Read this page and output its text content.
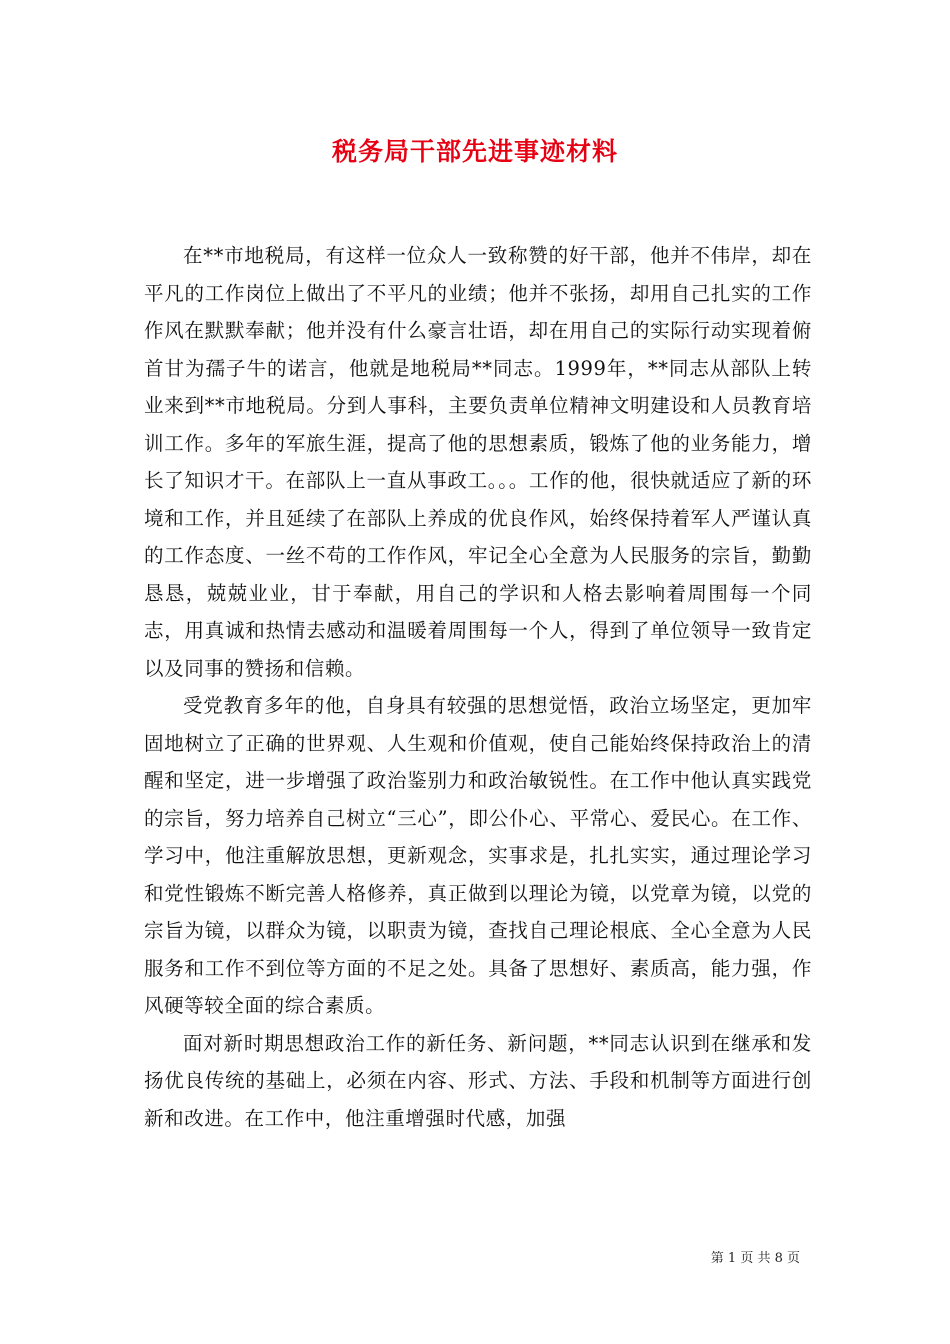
税务局干部先进事迹材料

在**市地税局，有这样一位众人一致称赞的好干部，他并不伟岸，却在平凡的工作岗位上做出了不平凡的业绩；他并不张扬，却用自己扎实的工作作风在默默奉献；他并没有什么豪言壮语，却在用自己的实际行动实现着俯首甘为孺子牛的诺言，他就是地税局**同志。1999年，**同志从部队上转业来到**市地税局。分到人事科，主要负责单位精神文明建设和人员教育培训工作。多年的军旅生涯，提高了他的思想素质，锻炼了他的业务能力，增长了知识才干。在部队上一直从事政工。。。工作的他，很快就适应了新的环境和工作，并且延续了在部队上养成的优良作风，始终保持着军人严谨认真的工作态度、一丝不苟的工作作风，牢记全心全意为人民服务的宗旨，勤勤恳恳，兢兢业业，甘于奉献，用自己的学识和人格去影响着周围每一个同志，用真诚和热情去感动和温暖着周围每一个人，得到了单位领导一致肯定以及同事的赞扬和信赖。

受党教育多年的他，自身具有较强的思想觉悟，政治立场坚定，更加牢固地树立了正确的世界观、人生观和价值观，使自己能始终保持政治上的清醒和坚定，进一步增强了政治鉴别力和政治敏锐性。在工作中他认真实践党的宗旨，努力培养自己树立“三心”，即公仆心、平常心、爱民心。在工作、学习中，他注重解放思想，更新观念，实事求是，扎扎实实，通过理论学习和党性锻炼不断完善人格修养，真正做到以理论为镜，以党章为镜，以党的宗旨为镜，以群众为镜，以职责为镜，查找自己理论根底、全心全意为人民服务和工作不到位等方面的不足之处。具备了思想好、素质高，能力强，作风硬等较全面的综合素质。

面对新时期思想政治工作的新任务、新问题，**同志认识到在继承和发扬优良传统的基础上，必须在内容、形式、方法、手段和机制等方面进行创新和改进。在工作中，他注重增强时代感，加强

第 1 页 共 8 页
